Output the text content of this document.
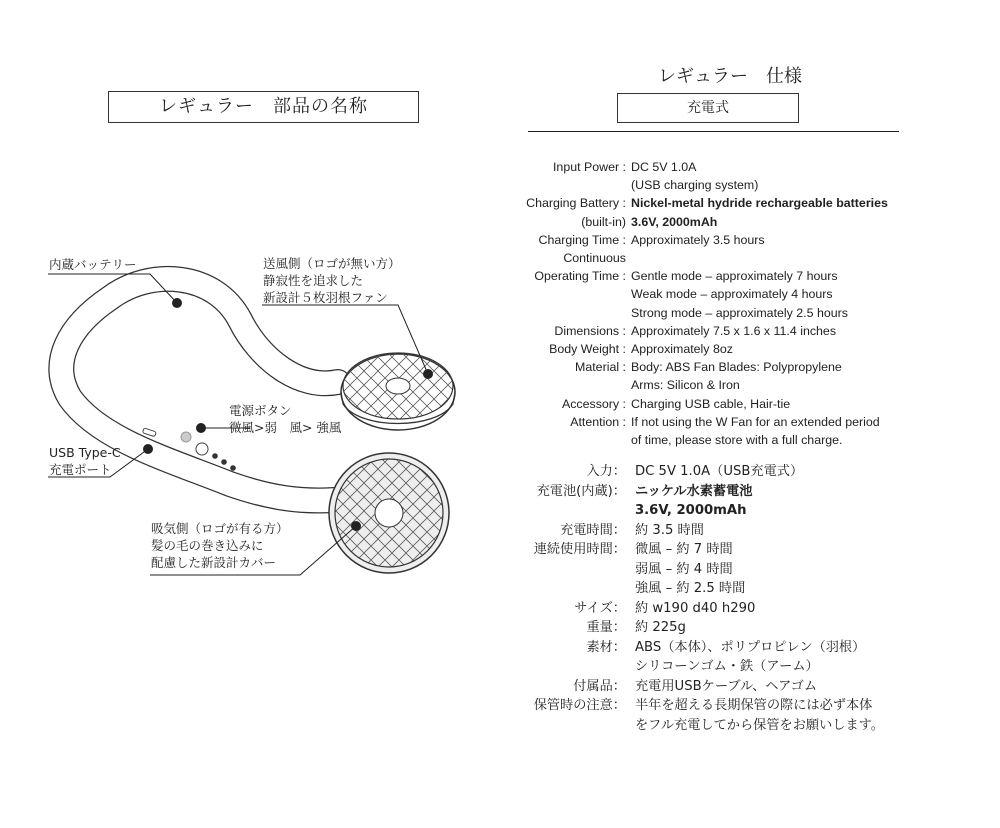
レギュラー　部品の名称
内蔵バッテリー	送風側（ロゴが無い方）
静寂性を追求した
新設計５枚羽根ファン
電源ボタン
微風>弱　風> 強風
USB Type-C
充電ポート
吸気側（ロゴが有る方）
髪の毛の巻き込みに
配慮した新設計カバー
レギュラー　仕様
充電式
Input Power : DC 5V 1.0A
(USB charging system)
Charging Battery : Nickel-metal hydride rechargeable batteries
(built-in) 3.6V, 2000mAh
Charging Time : Approximately 3.5 hours
Continuous
Operating Time : Gentle mode – approximately 7 hours
Weak mode – approximately 4 hours
Strong mode – approximately 2.5 hours
Dimensions : Approximately 7.5 x 1.6 x 11.4 inches
Body Weight : Approximately 8oz
Material : Body: ABS Fan Blades: Polypropylene
Arms: Silicon & Iron
Accessory : Charging USB cable, Hair-tie
Attention : If not using the W Fan for an extended period
of time, please store with a full charge.
入力： DC 5V 1.0A（USB充電式）
充電池(内蔵)： ニッケル水素蓄電池
3.6V, 2000mAh
充電時間： 約 3.5 時間
連続使用時間： 微風 – 約 7 時間
弱風 – 約 4 時間
強風 – 約 2.5 時間
サイズ： 約 w190 d40 h290
重量： 約 225g
素材： ABS（本体）、ポリプロピレン（羽根）
シリコーンゴム・鉄（アーム）
付属品： 充電用USBケーブル、ヘアゴム
保管時の注意： 半年を超える長期保管の際には必ず本体
をフル充電してから保管をお願いします。
